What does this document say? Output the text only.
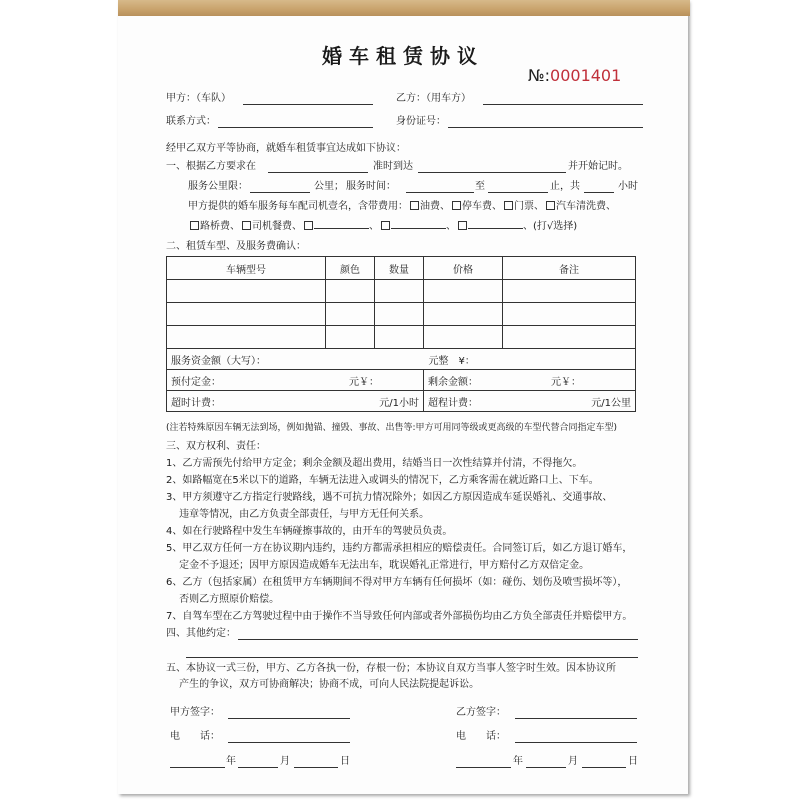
婚车租赁协议
№:0001401
甲方：（车队）	乙方：（用车方）
联系方式：	身份证号：
经甲乙双方平等协商，就婚车租赁事宜达成如下协议：
一、根据乙方要求在	准时到达	并开始记时。
服务公里限：	公里； 服务时间：	至	止，共	小时
甲方提供的婚车服务每车配司机壹名，含带费用： 油费、 停车费、 门票、 汽车清洗费、
路桥费、 司机餐费、	、	、	、(打√选择)
二、租赁车型、及服务费确认：
车辆型号	颜色	数量	价格	备注

服务资金额（大写）： 元整　¥：				

预付定金： 元￥：			剩余金额： 元￥：	

超时计费： 元/1小时			超程计费： 元/1公里	
(注若特殊原因车辆无法到场，例如抛锚、撞毁、事故、出售等:甲方可用同等级或更高级的车型代替合同指定车型)
三、双方权利、责任：
1、乙方需预先付给甲方定金；剩余金额及超出费用，结婚当日一次性结算并付清，不得拖欠。
2、如路幅宽在5米以下的道路，车辆无法进入或调头的情况下，乙方乘客需在就近路口上、下车。
3、甲方须遵守乙方指定行驶路线，遇不可抗力情况除外；如因乙方原因造成车延误婚礼、交通事故、
　 违章等情况，由乙方负责全部责任，与甲方无任何关系。
4、如在行驶路程中发生车辆碰擦事故的，由开车的驾驶员负责。
5、甲乙双方任何一方在协议期内违约，违约方都需承担相应的赔偿责任。合同签订后，如乙方退订婚车，
　 定金不予退还；因甲方原因造成婚车无法出车，耽误婚礼正常进行，甲方赔付乙方双倍定金。
6、乙方（包括家属）在租赁甲方车辆期间不得对甲方车辆有任何损坏（如：碰伤、划伤及喷雪损坏等），
　 否则乙方照原价赔偿。
7、自驾车型在乙方驾驶过程中由于操作不当导致任何内部或者外部损伤均由乙方负全部责任并赔偿甲方。
四、其他约定：
五、本协议一式三份，甲方、乙方各执一份，存根一份；本协议自双方当事人签字时生效。因本协议所
　 产生的争议，双方可协商解决；协商不成，可向人民法院提起诉讼。
甲方签字：	乙方签字：
电　　话：	电　　话：
年	月	日	年	月	日
